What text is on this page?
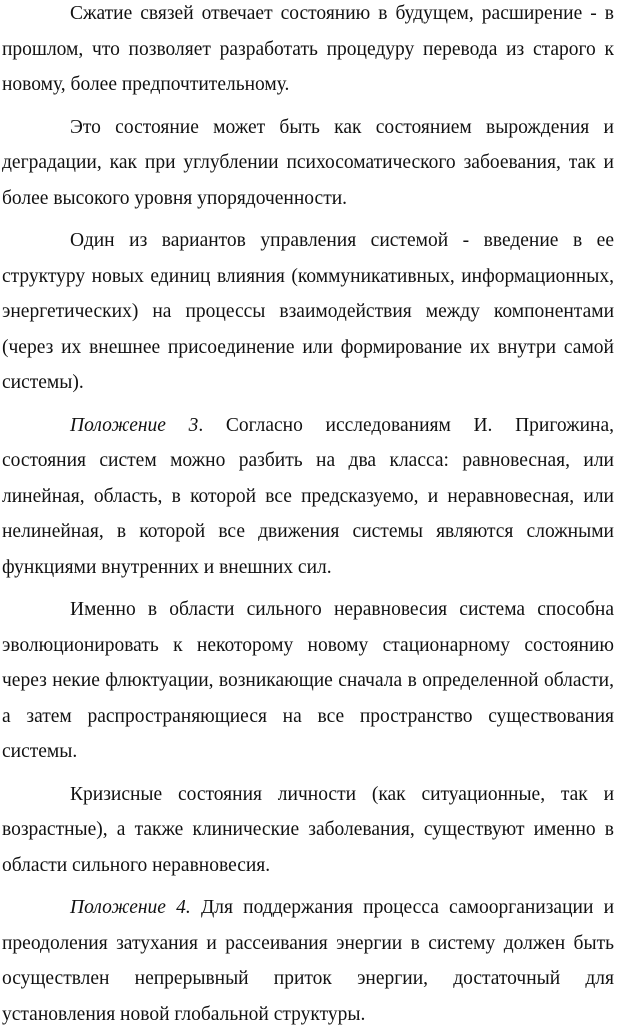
Сжатие связей отвечает состоянию в будущем, расширение - в прошлом, что позволяет разработать процедуру перевода из старого к новому, более предпочтительному.

Это состояние может быть как состоянием вырождения и деградации, как при углублении психосоматического забоевания, так и более высокого уровня упорядоченности.

Один из вариантов управления системой - введение в ее структуру новых единиц влияния (коммуникативных, информационных, энергетических) на процессы взаимодействия между компонентами (через их внешнее присоединение или формирование их внутри самой системы).

Положение 3. Согласно исследованиям И. Пригожина, состояния систем можно разбить на два класса: равновесная, или линейная, область, в которой все предсказуемо, и неравновесная, или нелинейная, в которой все движения системы являются сложными функциями внутренних и внешних сил.

Именно в области сильного неравновесия система способна эволюционировать к некоторому новому стационарному состоянию через некие флюктуации, возникающие сначала в определенной области, а затем распространяющиеся на все пространство существования системы.

Кризисные состояния личности (как ситуационные, так и возрастные), а также клинические заболевания, существуют именно в области сильного неравновесия.

Положение 4. Для поддержания процесса самоорганизации и преодоления затухания и рассеивания энергии в систему должен быть осуществлен непрерывный приток энергии, достаточный для установления новой глобальной структуры.
